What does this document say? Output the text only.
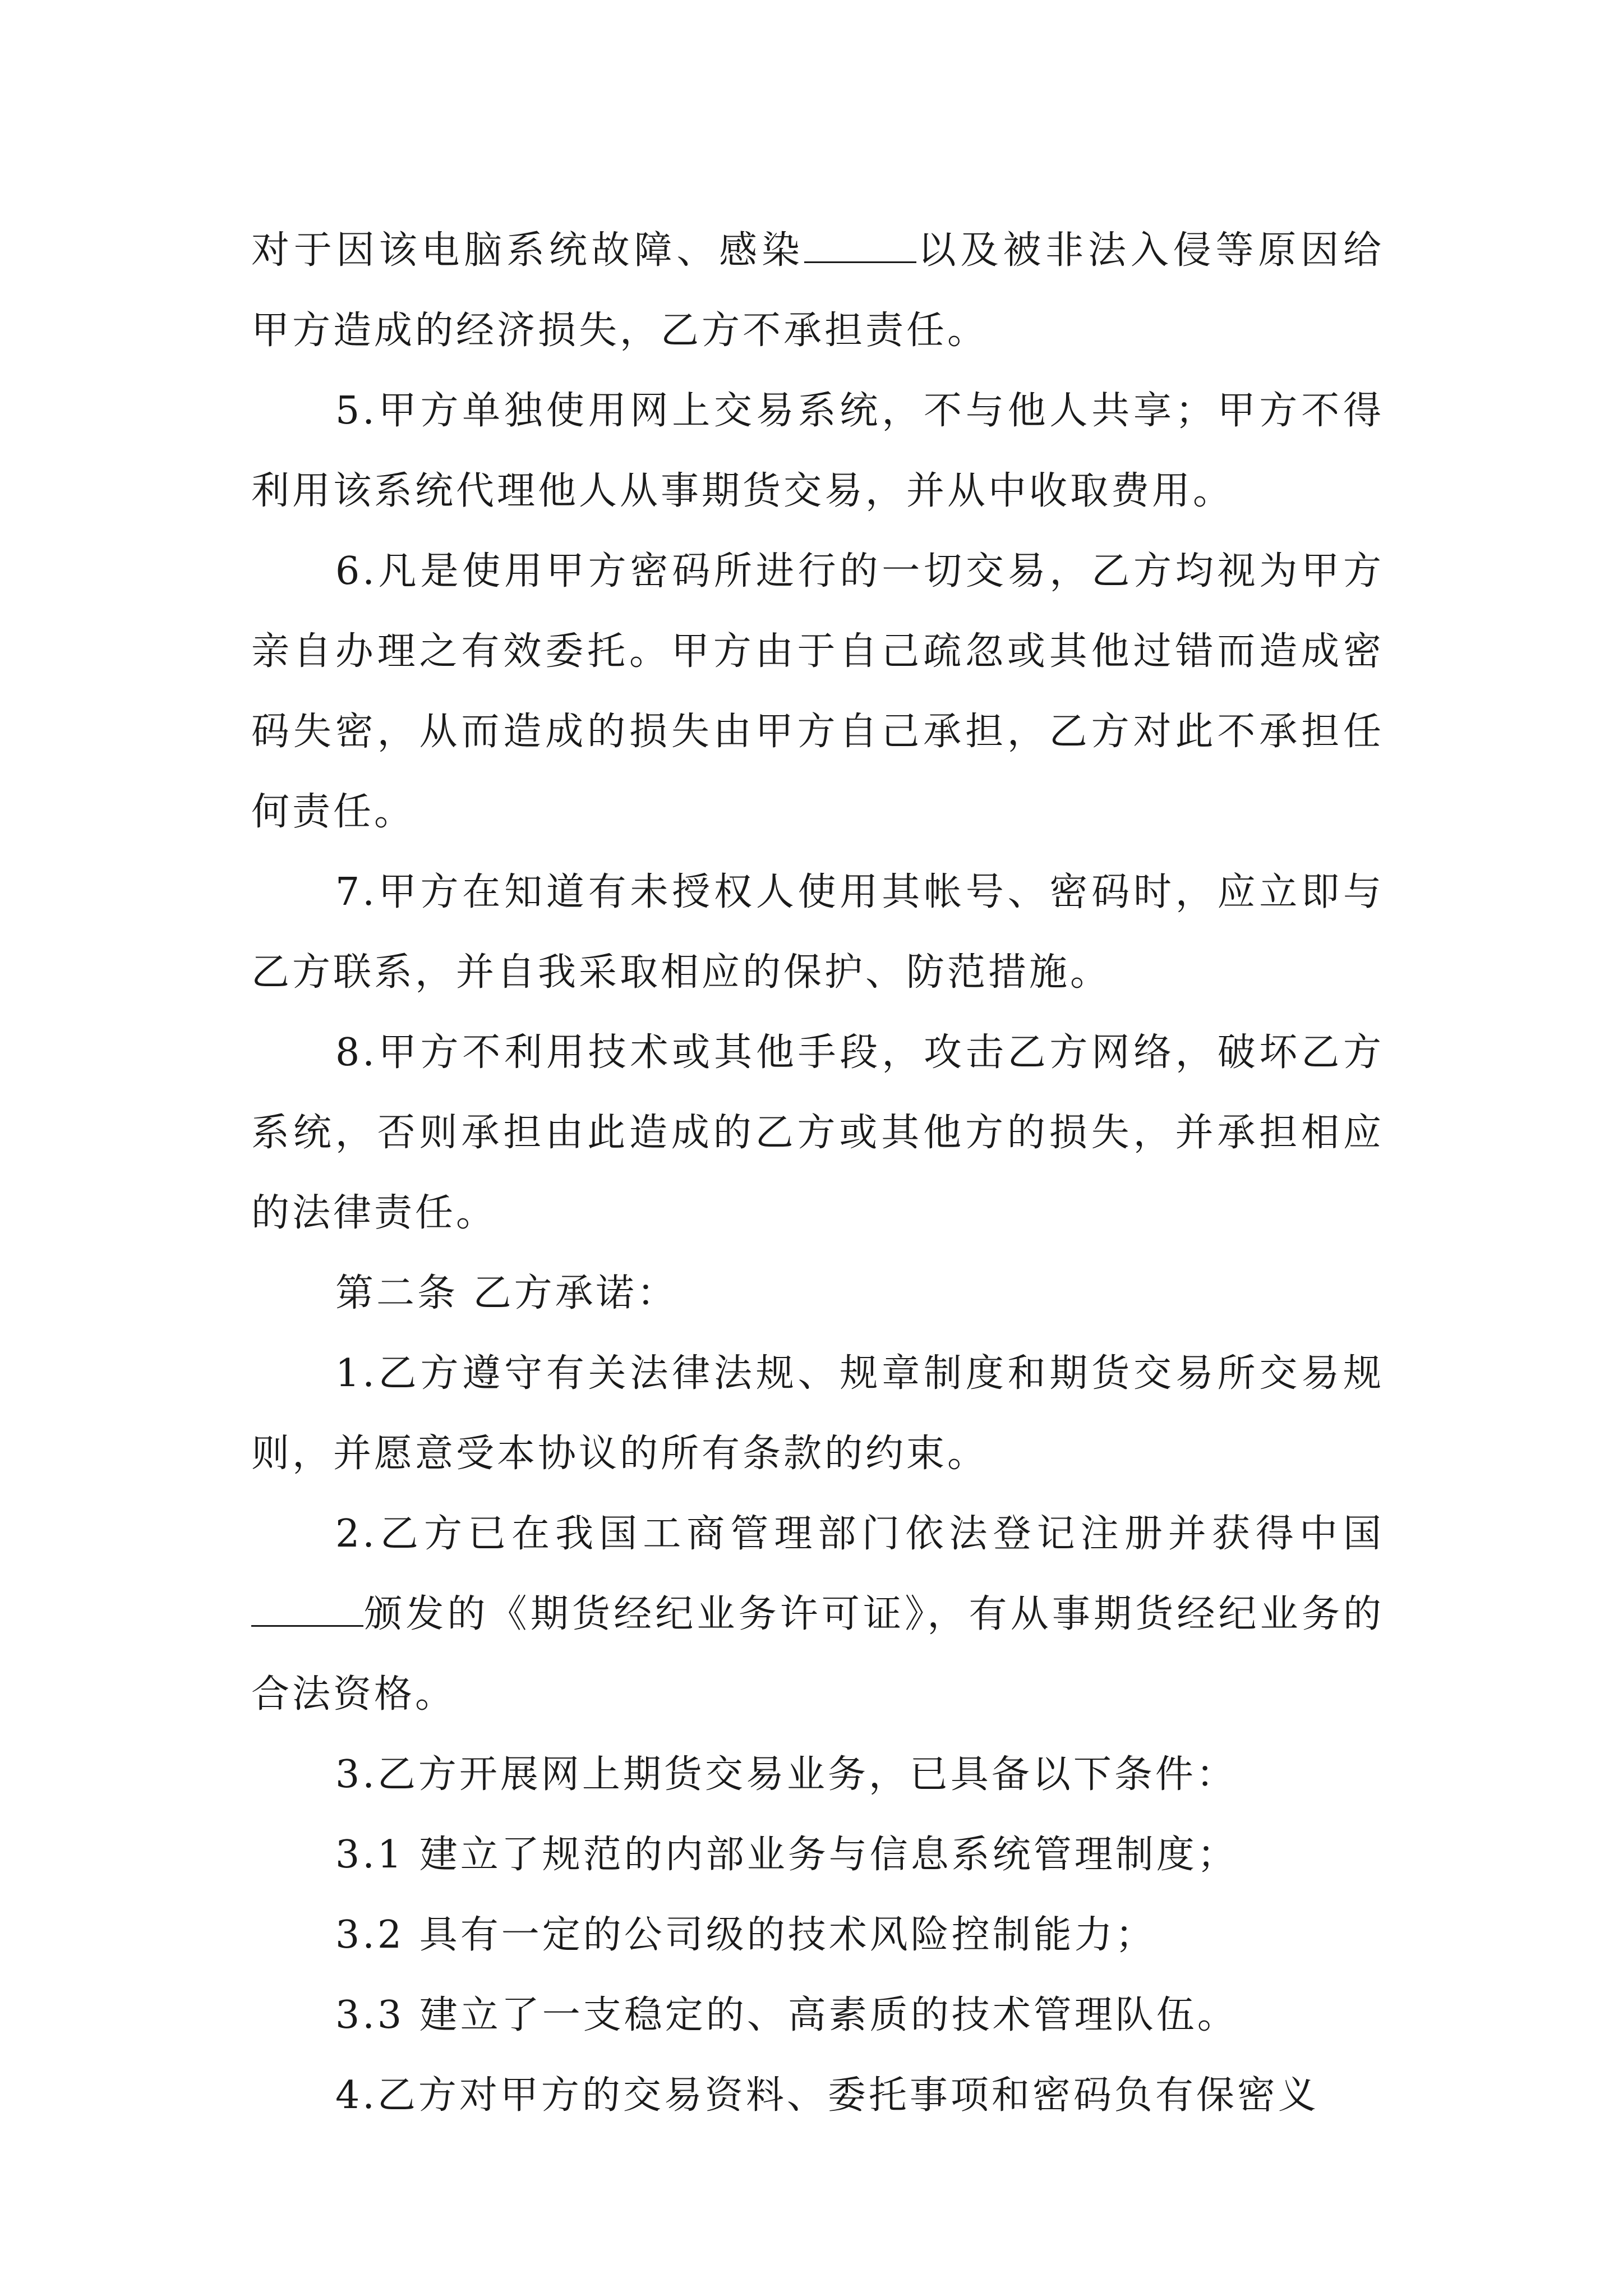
对于因该电脑系统故障、感染	以及被非法入侵等原因给甲方造成的经济损失，乙方不承担责任。

5.甲方单独使用网上交易系统，不与他人共享；甲方不得利用该系统代理他人从事期货交易，并从中收取费用。

6.凡是使用甲方密码所进行的一切交易，乙方均视为甲方亲自办理之有效委托。甲方由于自己疏忽或其他过错而造成密码失密，从而造成的损失由甲方自己承担，乙方对此不承担任何责任。

7.甲方在知道有未授权人使用其帐号、密码时，应立即与乙方联系，并自我采取相应的保护、防范措施。

8.甲方不利用技术或其他手段，攻击乙方网络，破坏乙方系统，否则承担由此造成的乙方或其他方的损失，并承担相应的法律责任。

第二条 乙方承诺：

1.乙方遵守有关法律法规、规章制度和期货交易所交易规则，并愿意受本协议的所有条款的约束。

2.乙方已在我国工商管理部门依法登记注册并获得中国颁发的《期货经纪业务许可证》，有从事期货经纪业务的合法资格。

3.乙方开展网上期货交易业务，已具备以下条件：

3.1 建立了规范的内部业务与信息系统管理制度；

3.2 具有一定的公司级的技术风险控制能力；

3.3 建立了一支稳定的、高素质的技术管理队伍。

4.乙方对甲方的交易资料、委托事项和密码负有保密义
